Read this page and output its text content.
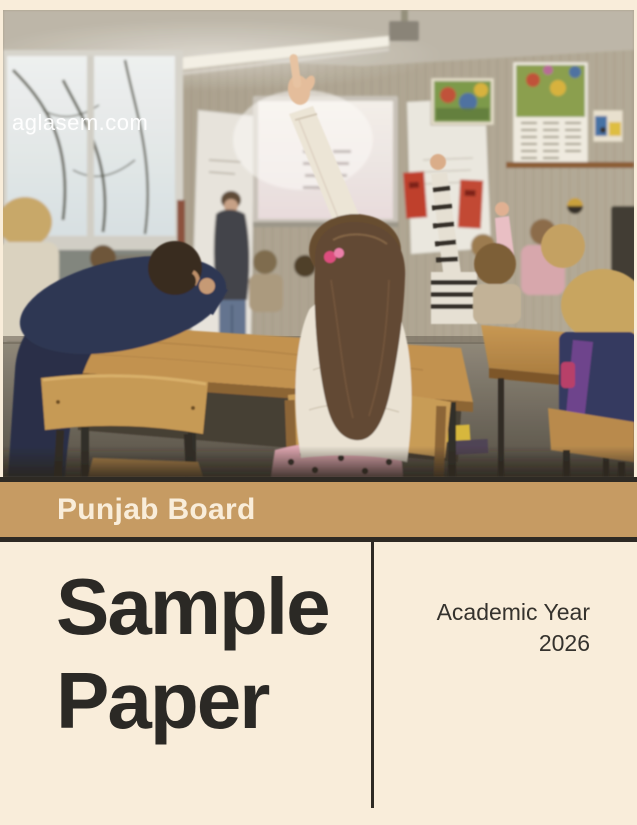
aglasem.com
Punjab Board
Sample
Paper
Academic Year
2026
